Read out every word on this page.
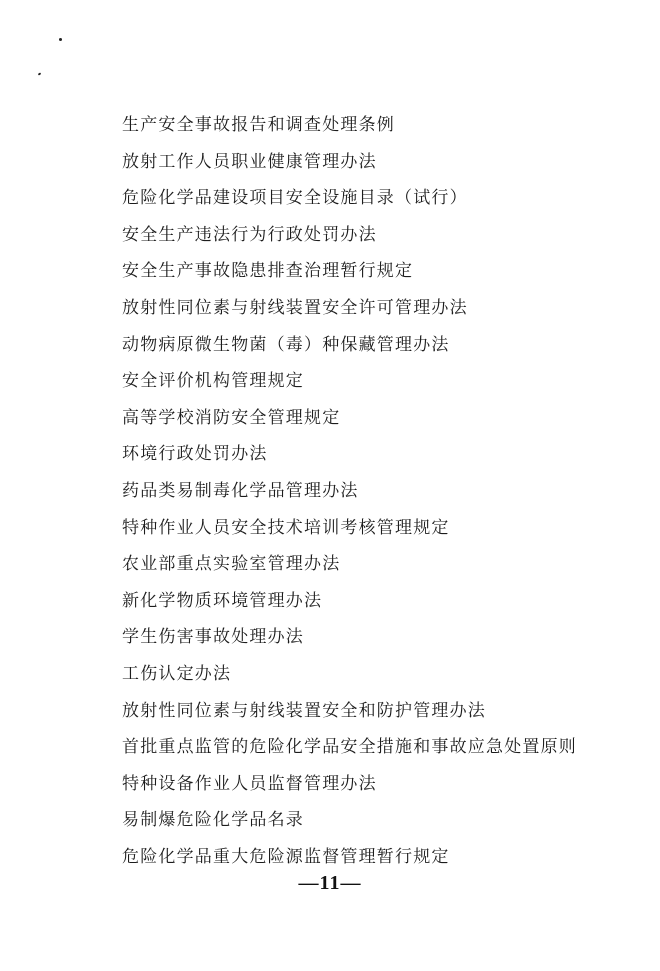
生产安全事故报告和调查处理条例
放射工作人员职业健康管理办法
危险化学品建设项目安全设施目录（试行）
安全生产违法行为行政处罚办法
安全生产事故隐患排查治理暂行规定
放射性同位素与射线装置安全许可管理办法
动物病原微生物菌（毒）种保藏管理办法
安全评价机构管理规定
高等学校消防安全管理规定
环境行政处罚办法
药品类易制毒化学品管理办法
特种作业人员安全技术培训考核管理规定
农业部重点实验室管理办法
新化学物质环境管理办法
学生伤害事故处理办法
工伤认定办法
放射性同位素与射线装置安全和防护管理办法
首批重点监管的危险化学品安全措施和事故应急处置原则
特种设备作业人员监督管理办法
易制爆危险化学品名录
危险化学品重大危险源监督管理暂行规定
—11—
